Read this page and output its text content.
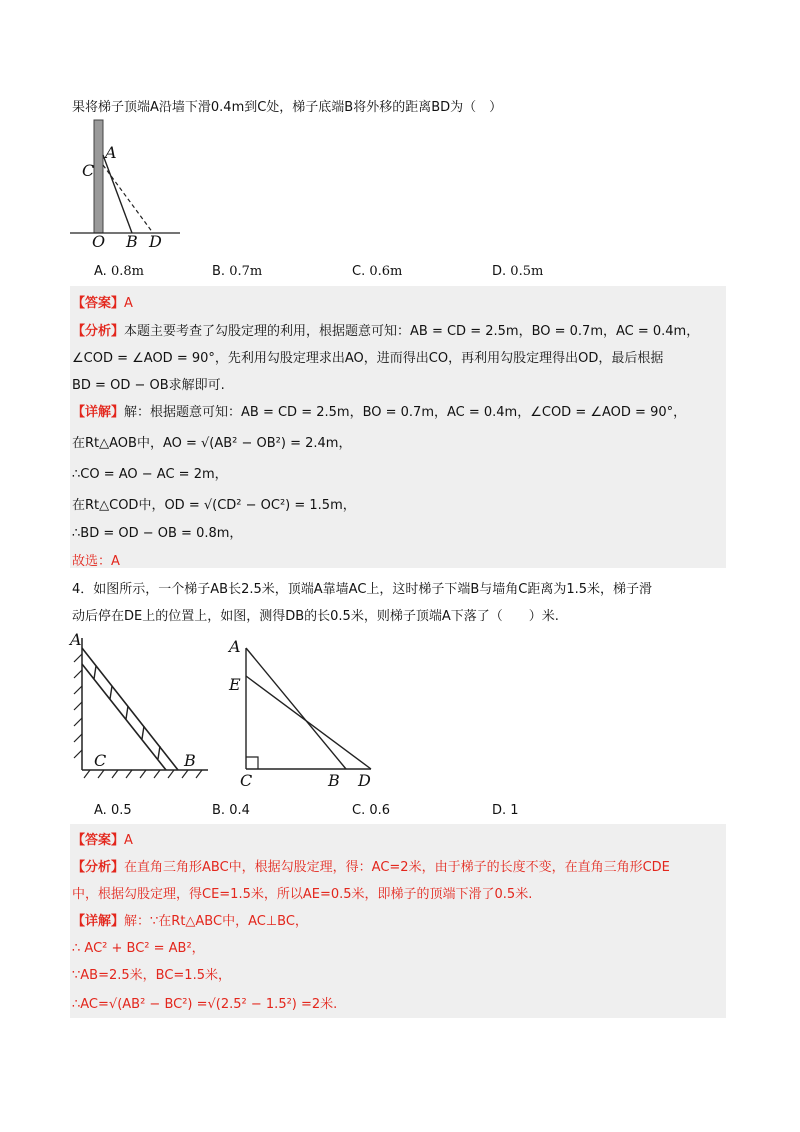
果将梯子顶端A沿墙下滑0.4m到C处，梯子底端B将外移的距离BD为（　）
A
C
O B D
A. 0.8m	B. 0.7m	C. 0.6m	D. 0.5m
【答案】A
【分析】本题主要考查了勾股定理的利用，根据题意可知：AB = CD = 2.5m，BO = 0.7m，AC = 0.4m，
∠COD = ∠AOD = 90°，先利用勾股定理求出AO，进而得出CO，再利用勾股定理得出OD，最后根据
BD = OD − OB求解即可.
【详解】解：根据题意可知：AB = CD = 2.5m，BO = 0.7m，AC = 0.4m，∠COD = ∠AOD = 90°，
在Rt△AOB中，AO = √(AB² − OB²) = 2.4m，
∴CO = AO − AC = 2m，
在Rt△COD中，OD = √(CD² − OC²) = 1.5m，
∴BD = OD − OB = 0.8m，
故选：A
4．如图所示，一个梯子AB长2.5米，顶端A靠墙AC上，这时梯子下端B与墙角C距离为1.5米，梯子滑
动后停在DE上的位置上，如图，测得DB的长0.5米，则梯子顶端A下落了（　　）米.
A
C	B
A
E
C	B D
A. 0.5	B. 0.4	C. 0.6	D. 1
【答案】A
【分析】在直角三角形ABC中，根据勾股定理，得：AC=2米，由于梯子的长度不变，在直角三角形CDE
中，根据勾股定理，得CE=1.5米，所以AE=0.5米，即梯子的顶端下滑了0.5米.
【详解】解：∵在Rt△ABC中，AC⊥BC，
∴ AC² + BC² = AB²，
∵AB=2.5米，BC=1.5米，
∴AC=√(AB² − BC²) =√(2.5² − 1.5²) =2米.
